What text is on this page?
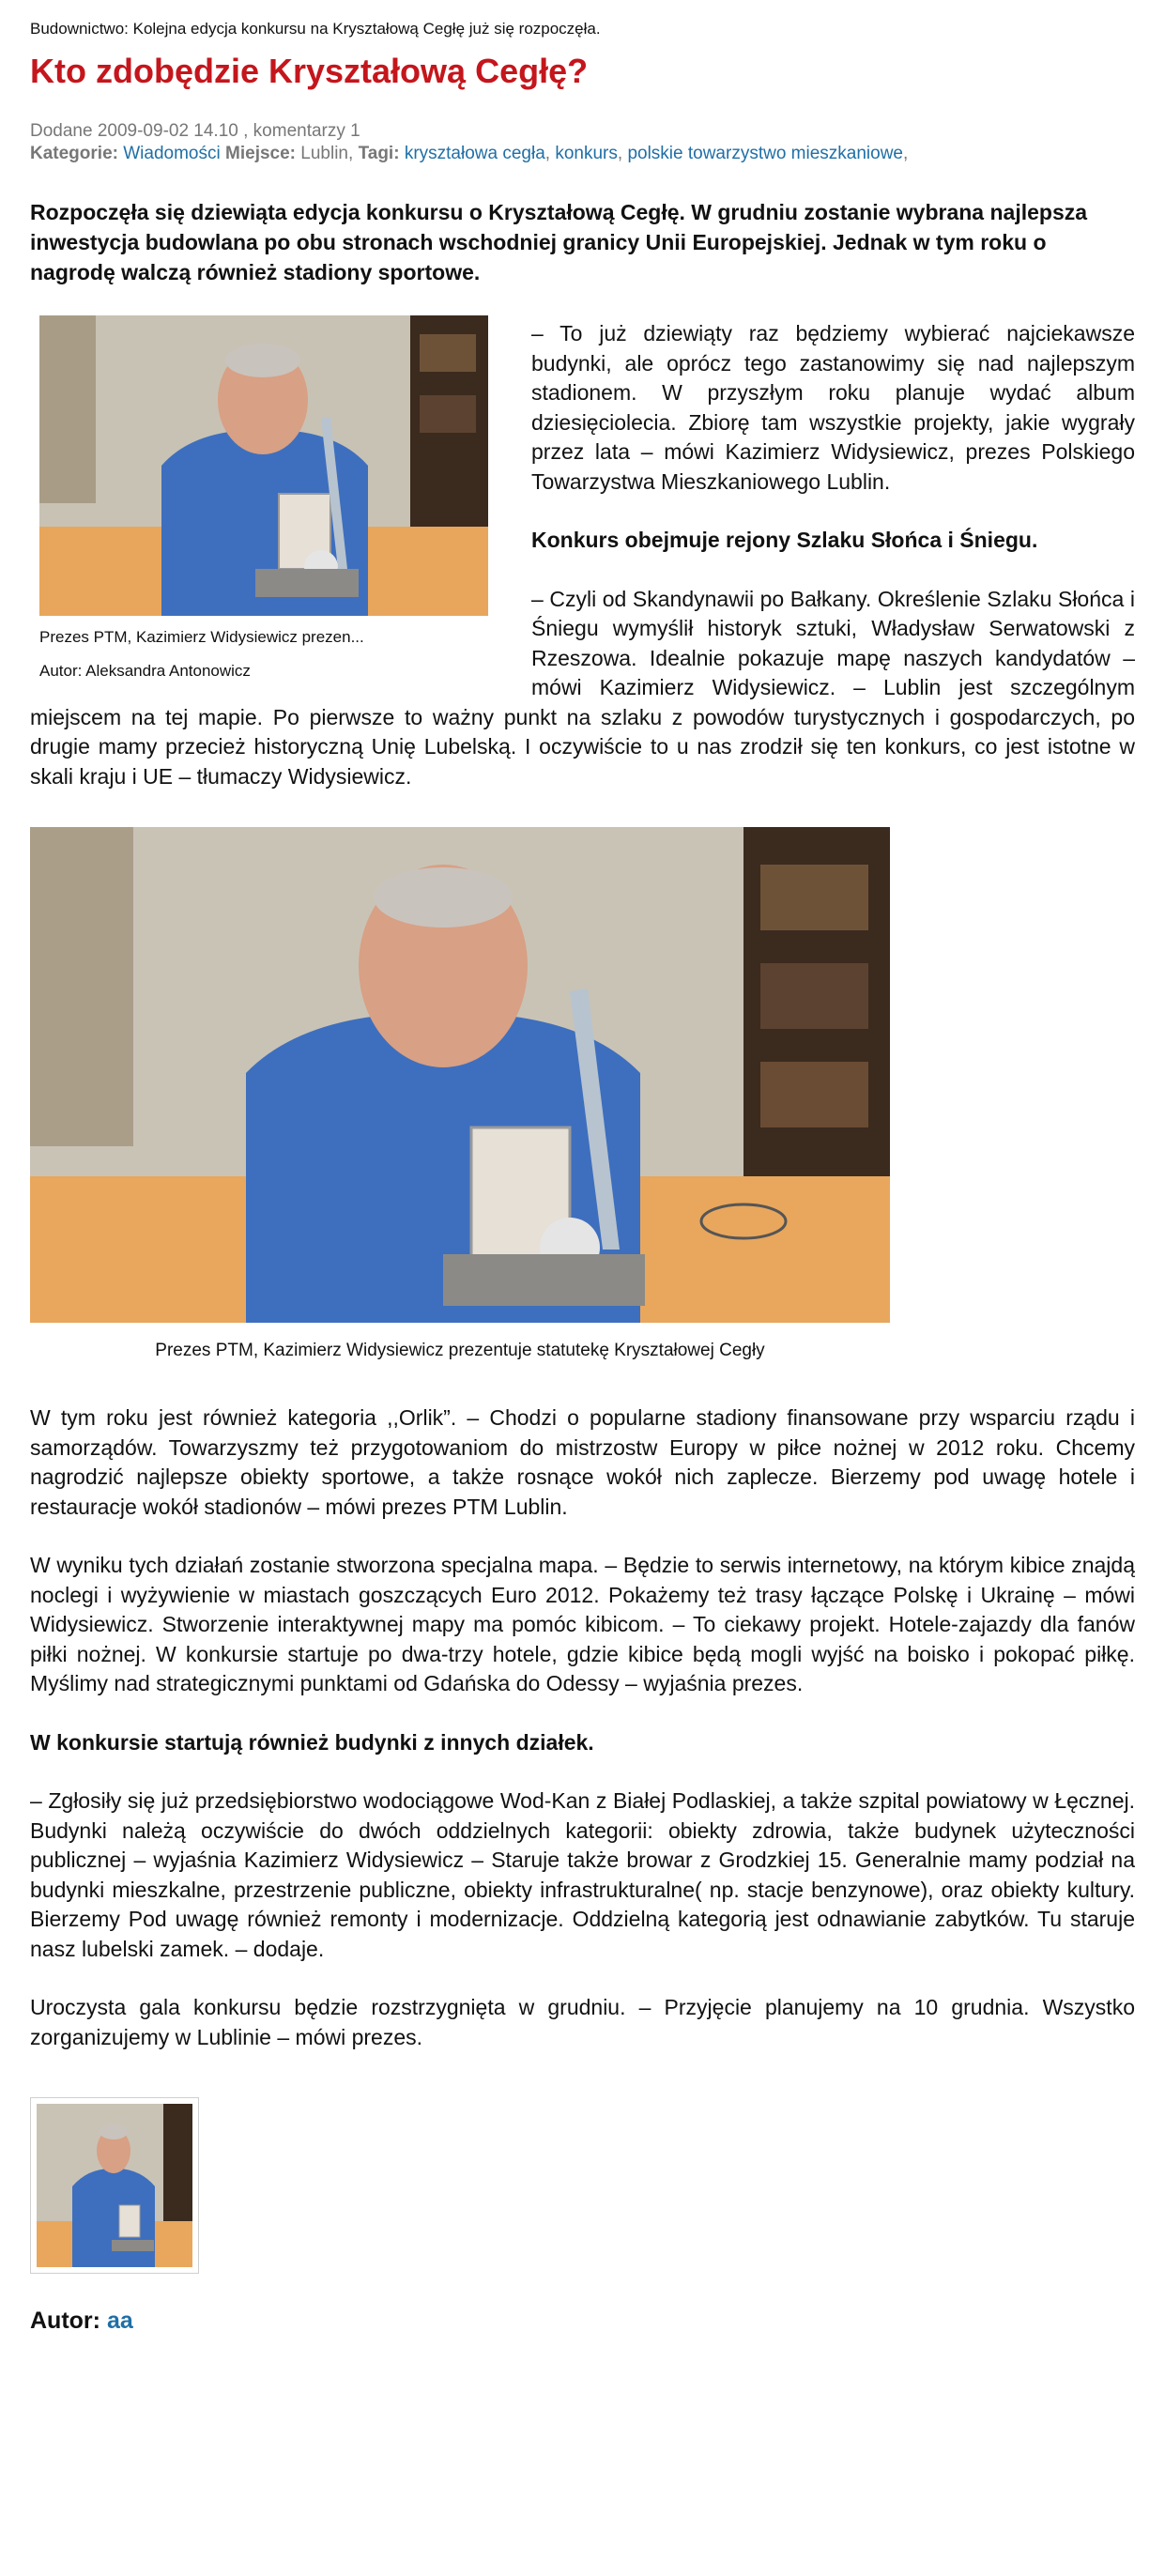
Budownictwo: Kolejna edycja konkursu na Kryształową Cegłę już się rozpoczęła.
Kto zdobędzie Kryształową Cegłę?
Dodane 2009-09-02 14.10 , komentarzy 1
Kategorie: Wiadomości Miejsce: Lublin, Tagi: kryształowa cegła, konkurs, polskie towarzystwo mieszkaniowe,
Rozpoczęła się dziewiąta edycja konkursu o Kryształową Cegłę. W grudniu zostanie wybrana najlepsza inwestycja budowlana po obu stronach wschodniej granicy Unii Europejskiej. Jednak w tym roku o nagrodę walczą również stadiony sportowe.
Prezes PTM, Kazimierz Widysiewicz prezen...
Autor: Aleksandra Antonowicz

– To już dziewiąty raz będziemy wybierać najciekawsze budynki, ale oprócz tego zastanowimy się nad najlepszym stadionem. W przyszłym roku planuje wydać album dziesięciolecia. Zbiorę tam wszystkie projekty, jakie wygrały przez lata – mówi Kazimierz Widysiewicz, prezes Polskiego Towarzystwa Mieszkaniowego Lublin.

Konkurs obejmuje rejony Szlaku Słońca i Śniegu.

– Czyli od Skandynawii po Bałkany. Określenie Szlaku Słońca i Śniegu wymyślił historyk sztuki, Władysław Serwatowski z Rzeszowa. Idealnie pokazuje mapę naszych kandydatów – mówi Kazimierz Widysiewicz. – Lublin jest szczególnym miejscem na tej mapie. Po pierwsze to ważny punkt na szlaku z powodów turystycznych i gospodarczych, po drugie mamy przecież historyczną Unię Lubelską. I oczywiście to u nas zrodził się ten konkurs, co jest istotne w skali kraju i UE – tłumaczy Widysiewicz.

Prezes PTM, Kazimierz Widysiewicz prezentuje statutekę Kryształowej Cegły

W tym roku jest również kategoria ,,Orlik”. – Chodzi o popularne stadiony finansowane przy wsparciu rządu i samorządów. Towarzyszmy też przygotowaniom do mistrzostw Europy w piłce nożnej w 2012 roku. Chcemy nagrodzić najlepsze obiekty sportowe, a także rosnące wokół nich zaplecze. Bierzemy pod uwagę hotele i restauracje wokół stadionów – mówi prezes PTM Lublin.

W wyniku tych działań zostanie stworzona specjalna mapa. – Będzie to serwis internetowy, na którym kibice znajdą noclegi i wyżywienie w miastach goszczących Euro 2012. Pokażemy też trasy łączące Polskę i Ukrainę – mówi Widysiewicz. Stworzenie interaktywnej mapy ma pomóc kibicom. – To ciekawy projekt. Hotele-zajazdy dla fanów piłki nożnej. W konkursie startuje po dwa-trzy hotele, gdzie kibice będą mogli wyjść na boisko i pokopać piłkę. Myślimy nad strategicznymi punktami od Gdańska do Odessy – wyjaśnia prezes.

W konkursie startują również budynki z innych działek.

– Zgłosiły się już przedsiębiorstwo wodociągowe Wod-Kan z Białej Podlaskiej, a także szpital powiatowy w Łęcznej. Budynki należą oczywiście do dwóch oddzielnych kategorii: obiekty zdrowia, także budynek użyteczności publicznej – wyjaśnia Kazimierz Widysiewicz – Staruje także browar z Grodzkiej 15. Generalnie mamy podział na budynki mieszkalne, przestrzenie publiczne, obiekty infrastrukturalne( np. stacje benzynowe), oraz obiekty kultury. Bierzemy Pod uwagę również remonty i modernizacje. Oddzielną kategorią jest odnawianie zabytków. Tu staruje nasz lubelski zamek. – dodaje.

Uroczysta gala konkursu będzie rozstrzygnięta w grudniu. – Przyjęcie planujemy na 10 grudnia. Wszystko zorganizujemy w Lublinie – mówi prezes.

Autor: aa
